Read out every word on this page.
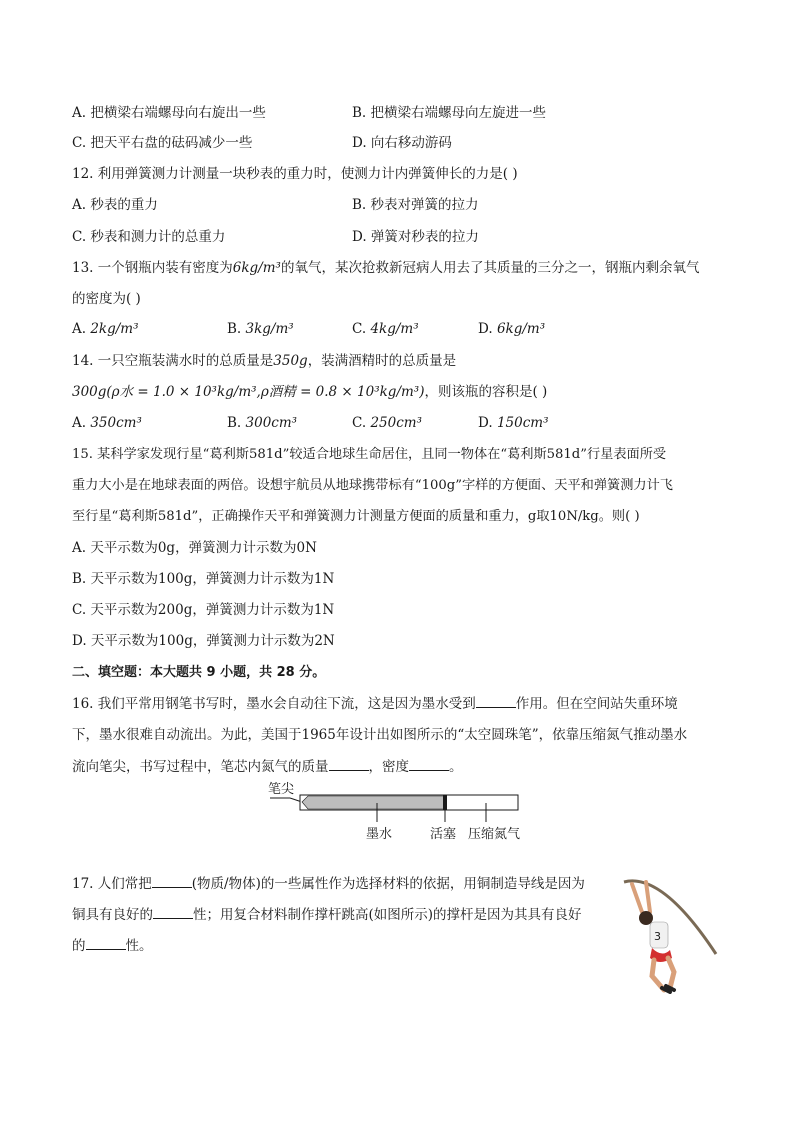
A. 把横梁右端螺母向右旋出一些	B. 把横梁右端螺母向左旋进一些
C. 把天平右盘的砝码减少一些	D. 向右移动游码
12. 利用弹簧测力计测量一块秒表的重力时，使测力计内弹簧伸长的力是( )
A. 秒表的重力	B. 秒表对弹簧的拉力
C. 秒表和测力计的总重力	D. 弹簧对秒表的拉力
13. 一个钢瓶内装有密度为6kg/m³的氧气，某次抢救新冠病人用去了其质量的三分之一，钢瓶内剩余氧气
的密度为( )
A. 2kg/m³	B. 3kg/m³	C. 4kg/m³	D. 6kg/m³
14. 一只空瓶装满水时的总质量是350g，装满酒精时的总质量是
300g(ρ水 = 1.0 × 10³kg/m³,ρ酒精 = 0.8 × 10³kg/m³)，则该瓶的容积是( )
A. 350cm³	B. 300cm³	C. 250cm³	D. 150cm³
15. 某科学家发现行星“葛利斯581d”较适合地球生命居住，且同一物体在“葛利斯581d”行星表面所受
重力大小是在地球表面的两倍。设想宇航员从地球携带标有“100g”字样的方便面、天平和弹簧测力计飞
至行星“葛利斯581d”，正确操作天平和弹簧测力计测量方便面的质量和重力，g取10N/kg。则( )
A. 天平示数为0g，弹簧测力计示数为0N
B. 天平示数为100g，弹簧测力计示数为1N
C. 天平示数为200g，弹簧测力计示数为1N
D. 天平示数为100g，弹簧测力计示数为2N
二、填空题：本大题共 9 小题，共 28 分。
16. 我们平常用钢笔书写时，墨水会自动往下流，这是因为墨水受到	作用。但在空间站失重环境
下，墨水很难自动流出。为此，美国于1965年设计出如图所示的“太空圆珠笔”，依靠压缩氮气推动墨水
流向笔尖，书写过程中，笔芯内氮气的质量	，密度	。
笔尖
墨水	活塞 压缩氮气
17. 人们常把	(物质/物体)的一些属性作为选择材料的依据，用铜制造导线是因为
铜具有良好的	性；用复合材料制作撑杆跳高(如图所示)的撑杆是因为其具有良好
的	性。
3
